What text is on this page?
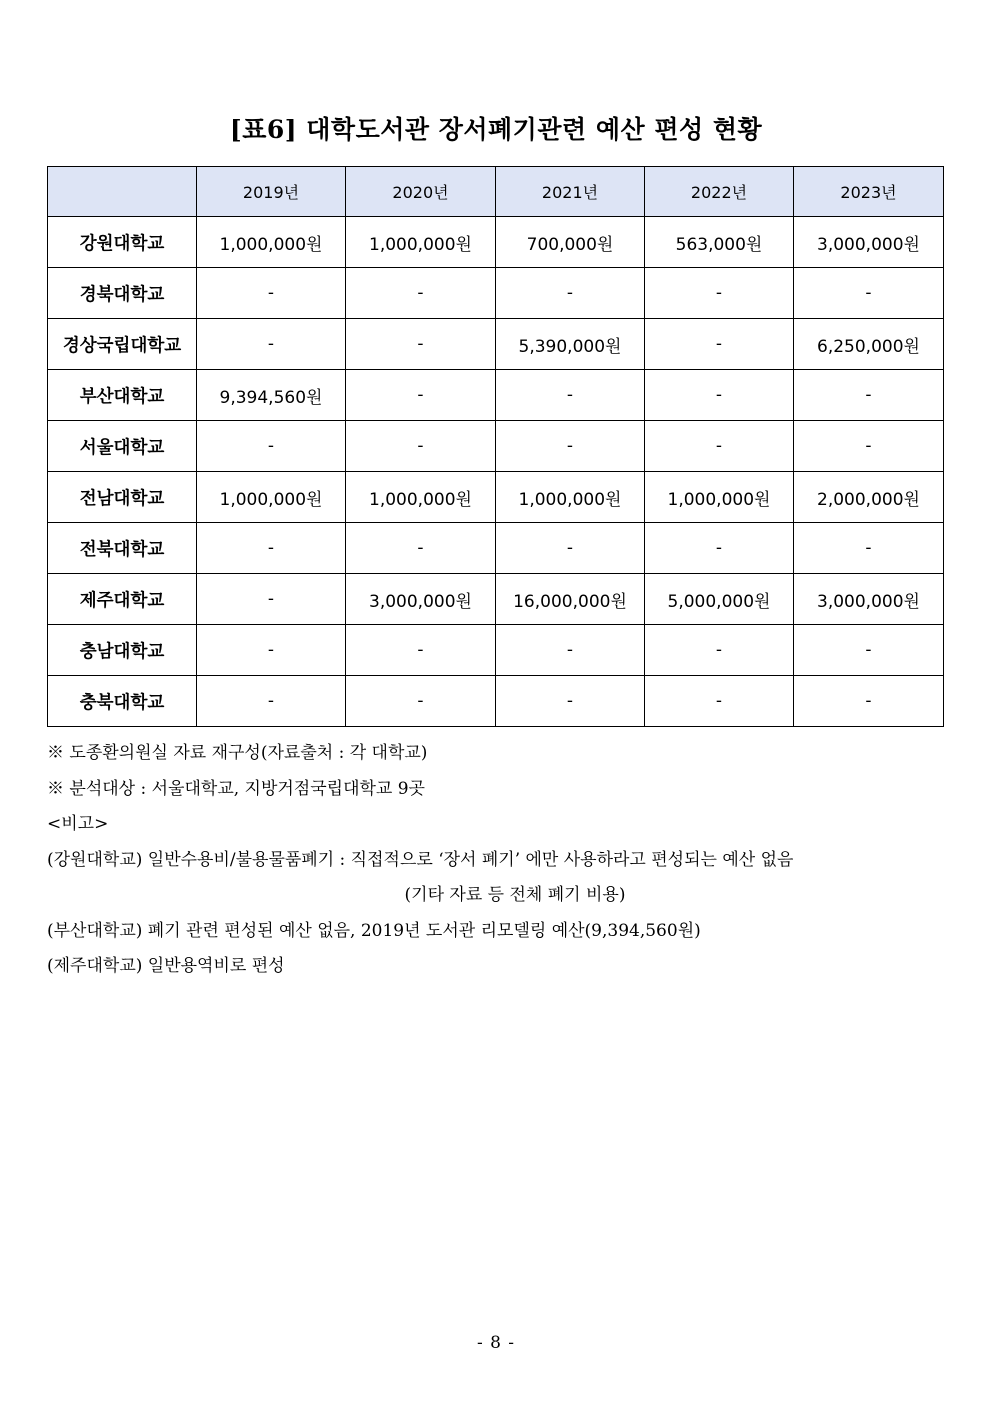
[표6] 대학도서관 장서폐기관련 예산 편성 현황
	2019년	2020년	2021년	2022년	2023년
강원대학교	1,000,000원	1,000,000원	700,000원	563,000원	3,000,000원
경북대학교	-	-	-	-	-
경상국립대학교	-	-	5,390,000원	-	6,250,000원
부산대학교	9,394,560원	-	-	-	-
서울대학교	-	-	-	-	-
전남대학교	1,000,000원	1,000,000원	1,000,000원	1,000,000원	2,000,000원
전북대학교	-	-	-	-	-
제주대학교	-	3,000,000원	16,000,000원	5,000,000원	3,000,000원
충남대학교	-	-	-	-	-
충북대학교	-	-	-	-	-
※ 도종환의원실 자료 재구성(자료출처 : 각 대학교)
※ 분석대상 : 서울대학교, 지방거점국립대학교 9곳
<비고>
(강원대학교) 일반수용비/불용물품폐기 : 직접적으로 ‘장서 폐기’ 에만 사용하라고 편성되는 예산 없음
(기타 자료 등 전체 폐기 비용)
(부산대학교) 폐기 관련 편성된 예산 없음, 2019년 도서관 리모델링 예산(9,394,560원)
(제주대학교) 일반용역비로 편성
- 8 -
